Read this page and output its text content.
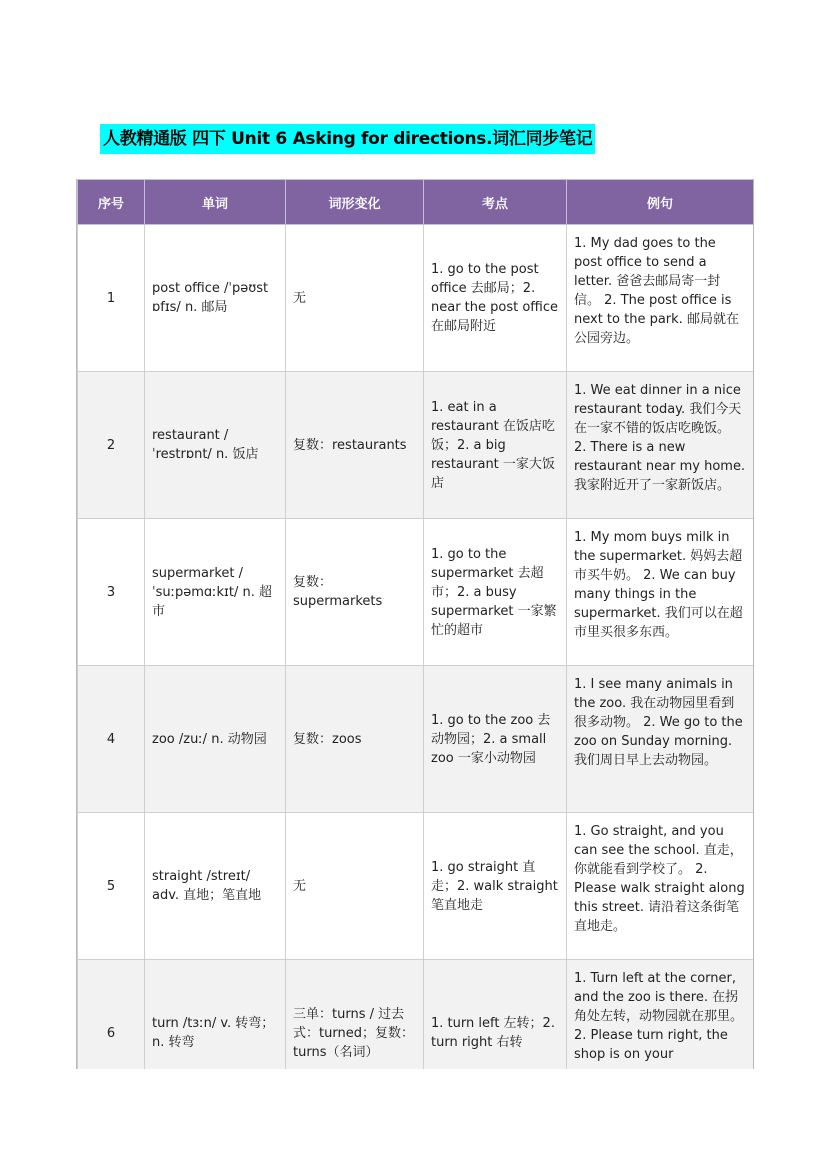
人教精通版 四下 Unit 6 Asking for directions.词汇同步笔记
序号	单词	词形变化	考点	例句
1	post office /ˈpəʊst ɒfɪs/ n. 邮局	无	1. go to the post office 去邮局；2. near the post office 在邮局附近	1. My dad goes to the post office to send a letter. 爸爸去邮局寄一封信。 2. The post office is next to the park. 邮局就在公园旁边。
2	restaurant /ˈrestrɒnt/ n. 饭店	复数：restaurants	1. eat in a restaurant 在饭店吃饭；2. a big restaurant 一家大饭店	1. We eat dinner in a nice restaurant today. 我们今天在一家不错的饭店吃晚饭。 2. There is a new restaurant near my home. 我家附近开了一家新饭店。
3	supermarket /ˈsuːpəmɑːkɪt/ n. 超市	复数：supermarkets	1. go to the supermarket 去超市；2. a busy supermarket 一家繁忙的超市	1. My mom buys milk in the supermarket. 妈妈去超市买牛奶。 2. We can buy many things in the supermarket. 我们可以在超市里买很多东西。
4	zoo /zuː/ n. 动物园	复数：zoos	1. go to the zoo 去动物园；2. a small zoo 一家小动物园	1. I see many animals in the zoo. 我在动物园里看到很多动物。 2. We go to the zoo on Sunday morning. 我们周日早上去动物园。
5	straight /streɪt/ adv. 直地；笔直地	无	1. go straight 直走；2. walk straight 笔直地走	1. Go straight, and you can see the school. 直走，你就能看到学校了。 2. Please walk straight along this street. 请沿着这条街笔直地走。
6	turn /tɜːn/ v. 转弯；n. 转弯	三单：turns / 过去式：turned；复数：turns（名词）	1. turn left 左转；2. turn right 右转	1. Turn left at the corner, and the zoo is there. 在拐角处左转，动物园就在那里。 2. Please turn right, the shop is on your
